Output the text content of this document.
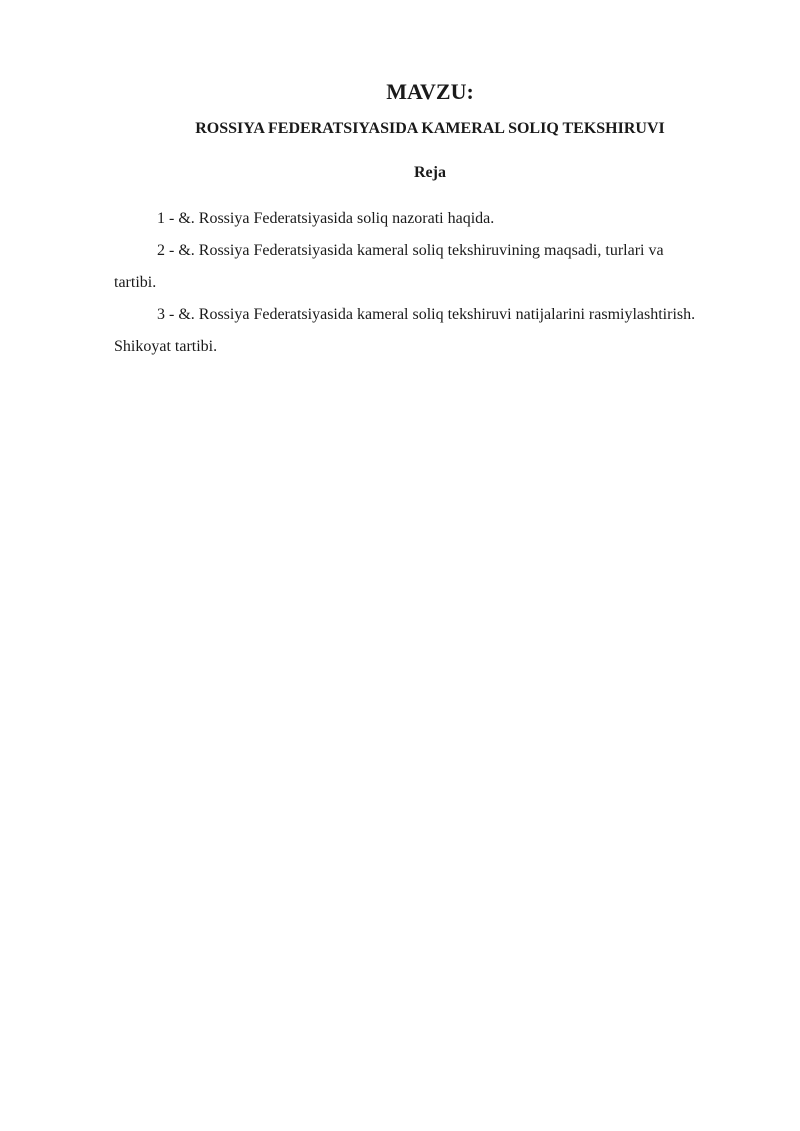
MAVZU:
ROSSIYA FEDERATSIYASIDA KAMERAL SOLIQ TEKSHIRUVI
Reja
1 - &. Rossiya Federatsiyasida soliq nazorati haqida.
2 - &. Rossiya Federatsiyasida kameral soliq tekshiruvining maqsadi, turlari va tartibi.
3 - &. Rossiya Federatsiyasida kameral soliq tekshiruvi natijalarini rasmiylashtirish. Shikoyat tartibi.
